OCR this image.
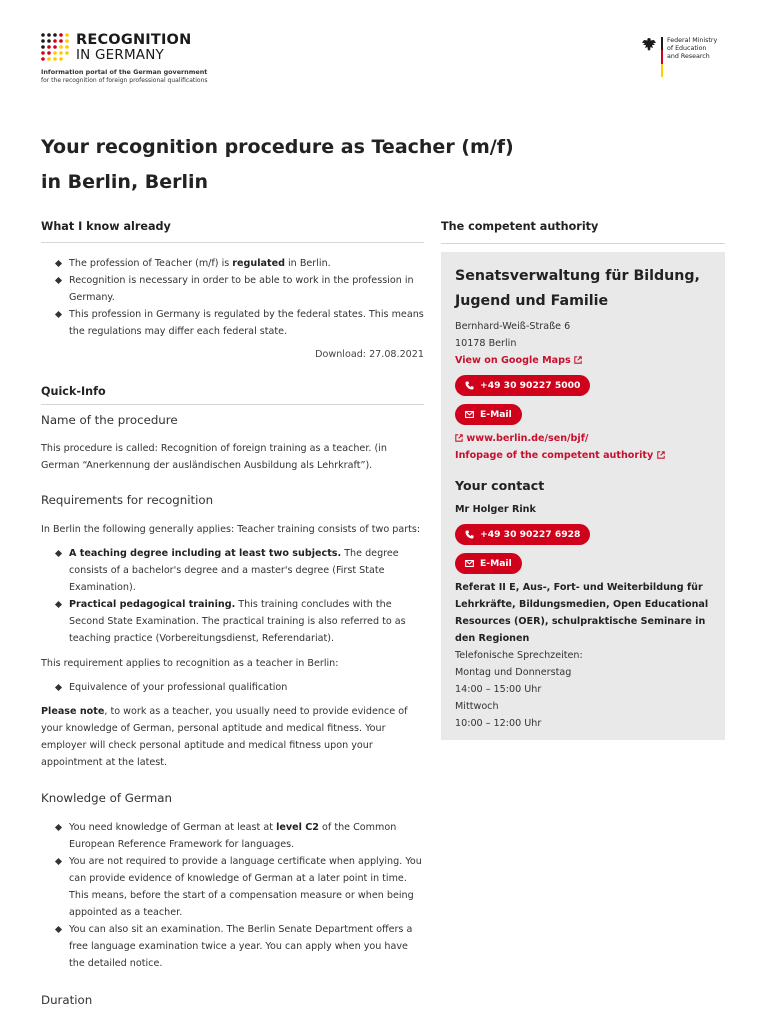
RECOGNITION
IN GERMANY
Information portal of the German government
for the recognition of foreign professional qualifications
Federal Ministry
of Education
and Research
Your recognition procedure as Teacher (m/f)
in Berlin, Berlin
What I know already
The profession of Teacher (m/f) is regulated in Berlin.
Recognition is necessary in order to be able to work in the profession in Germany.
This profession in Germany is regulated by the federal states. This means the regulations may differ each federal state.
Download: 27.08.2021
Quick-Info
Name of the procedure

This procedure is called: Recognition of foreign training as a teacher. (in German “Anerkennung der ausländischen Ausbildung als Lehrkraft”).

Requirements for recognition

In Berlin the following generally applies: Teacher training consists of two parts:

A teaching degree including at least two subjects. The degree consists of a bachelor's degree and a master's degree (First State Examination).
Practical pedagogical training. This training concludes with the Second State Examination. The practical training is also referred to as teaching practice (Vorbereitungsdienst, Referendariat).

This requirement applies to recognition as a teacher in Berlin:

Equivalence of your professional qualification

Please note, to work as a teacher, you usually need to provide evidence of your knowledge of German, personal aptitude and medical fitness. Your employer will check personal aptitude and medical fitness upon your appointment at the latest.

Knowledge of German
You need knowledge of German at least at level C2 of the Common European Reference Framework for languages.
You are not required to provide a language certificate when applying. You can provide evidence of knowledge of German at a later point in time. This means, before the start of a compensation measure or when being appointed as a teacher.
You can also sit an examination. The Berlin Senate Department offers a free language examination twice a year. You can apply when you have the detailed notice.
Duration
The competent authority
Senatsverwaltung für Bildung,
Jugend und Familie
Bernhard-Weiß-Straße 6
10178 Berlin
View on Google Maps
+49 30 90227 5000
E-Mail
www.berlin.de/sen/bjf/
Infopage of the competent authority
Your contact
Mr Holger Rink
+49 30 90227 6928
E-Mail
Referat II E, Aus-, Fort- und Weiterbildung für Lehrkräfte, Bildungsmedien, Open Educational Resources (OER), schulpraktische Seminare in den Regionen
Telefonische Sprechzeiten:
Montag und Donnerstag
14:00 – 15:00 Uhr
Mittwoch
10:00 – 12:00 Uhr
